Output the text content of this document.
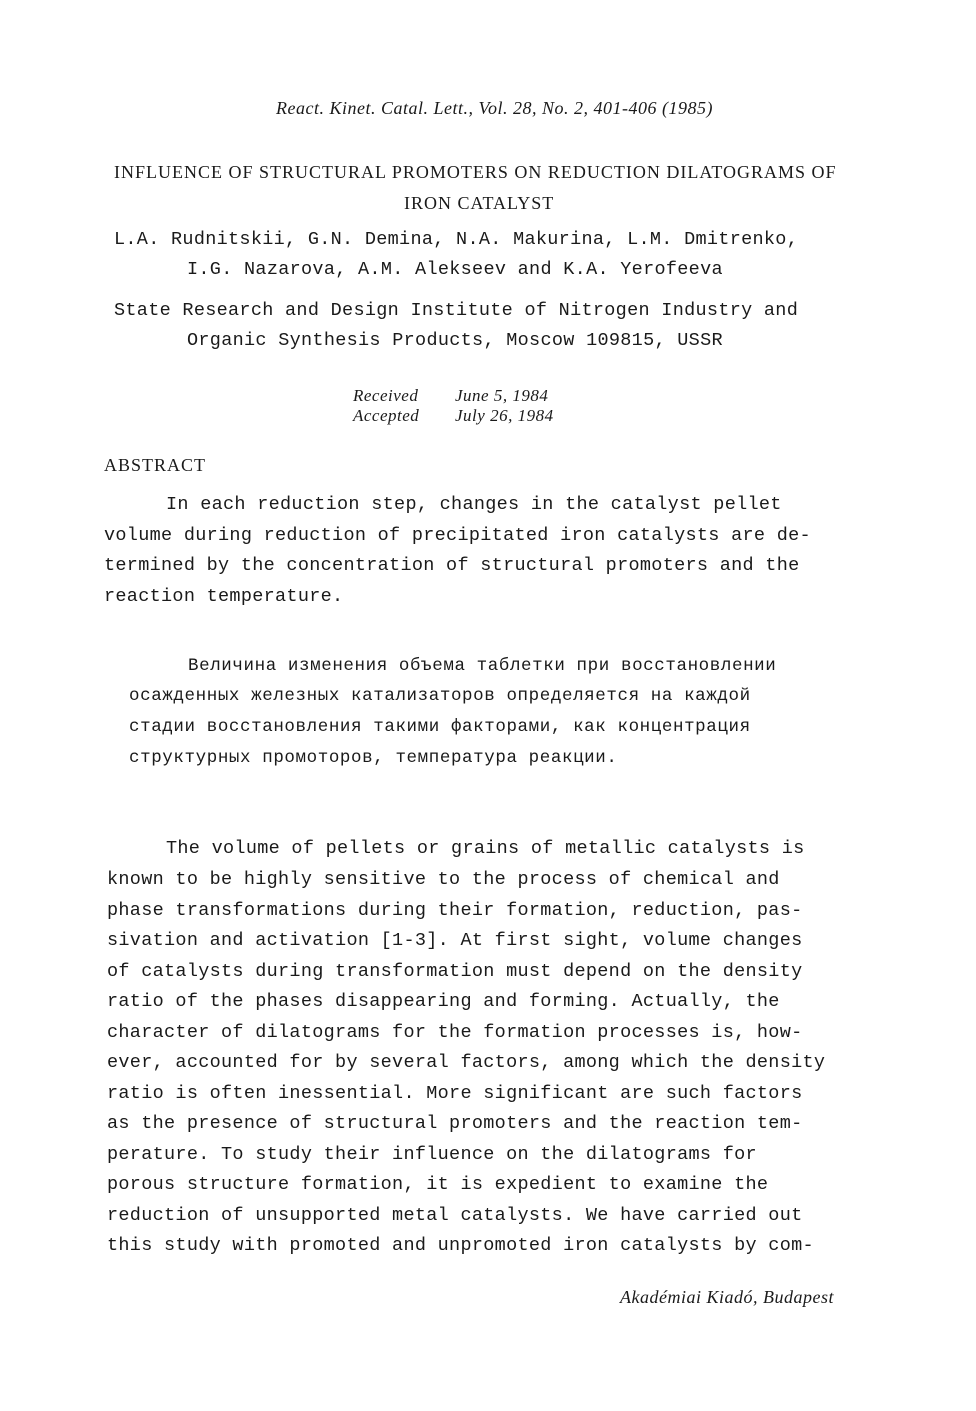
React. Kinet. Catal. Lett., Vol. 28, No. 2, 401-406 (1985)
INFLUENCE OF STRUCTURAL PROMOTERS ON REDUCTION DILATOGRAMS OF
IRON CATALYST
L.A. Rudnitskii, G.N. Demina, N.A. Makurina, L.M. Dmitrenko,
I.G. Nazarova, A.M. Alekseev and K.A. Yerofeeva
State Research and Design Institute of Nitrogen Industry and
Organic Synthesis Products, Moscow 109815, USSR
Received June 5, 1984
Accepted July 26, 1984
ABSTRACT
In each reduction step, changes in the catalyst pellet
volume during reduction of precipitated iron catalysts are de-
termined by the concentration of structural promoters and the
reaction temperature.
Величина изменения объема таблетки при восстановлении
осажденных железных катализаторов определяется на каждой
стадии восстановления такими факторами, как концентрация
структурных промоторов, температура реакции.
The volume of pellets or grains of metallic catalysts is
known to be highly sensitive to the process of chemical and
phase transformations during their formation, reduction, pas-
sivation and activation [1-3]. At first sight, volume changes
of catalysts during transformation must depend on the density
ratio of the phases disappearing and forming. Actually, the
character of dilatograms for the formation processes is, how-
ever, accounted for by several factors, among which the density
ratio is often inessential. More significant are such factors
as the presence of structural promoters and the reaction tem-
perature. To study their influence on the dilatograms for
porous structure formation, it is expedient to examine the
reduction of unsupported metal catalysts. We have carried out
this study with promoted and unpromoted iron catalysts by com-
Akadémiai Kiadó, Budapest
